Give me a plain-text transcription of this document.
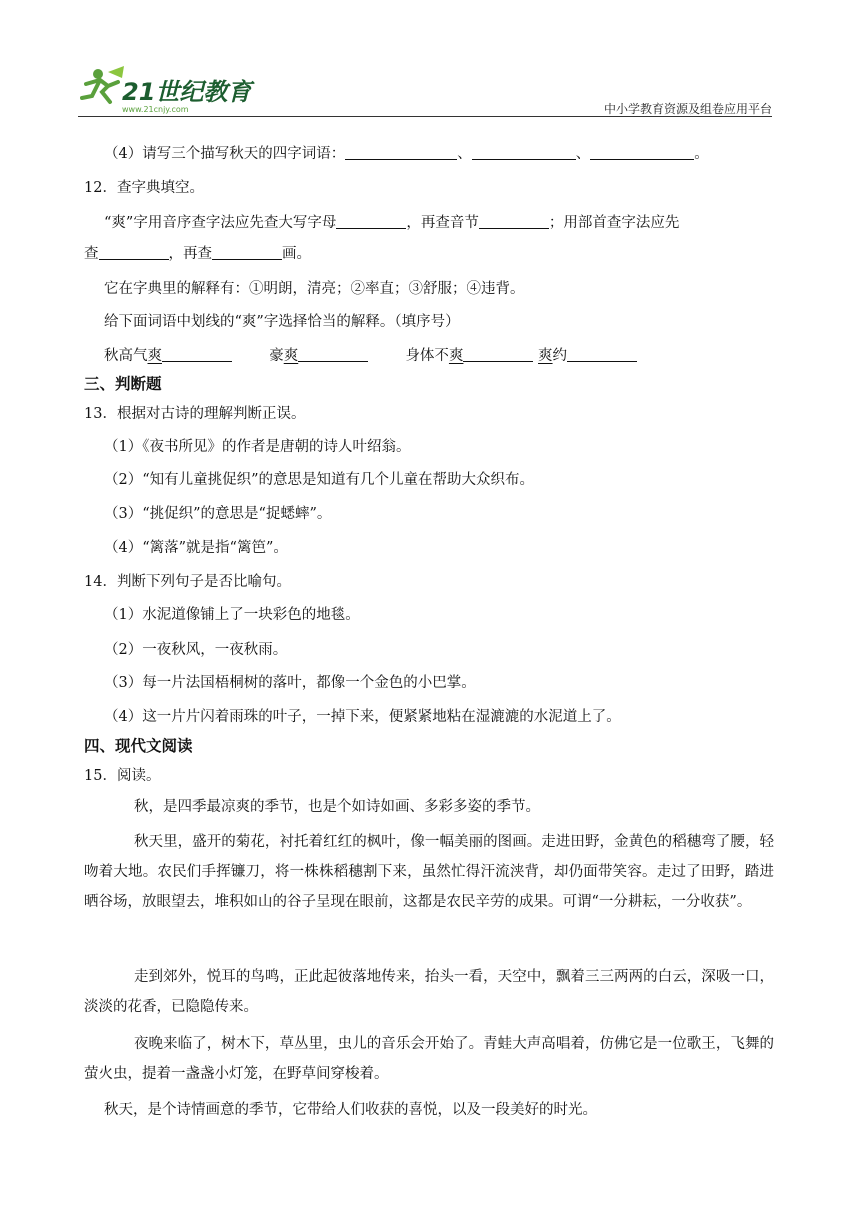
21世纪教育
www.21cnjy.com	中小学教育资源及组卷应用平台
（4）请写三个描写秋天的四字词语：	、	、	。
12．查字典填空。
“爽”字用音序查字法应先查大写字母	，再查音节	；用部首查字法应先
查	，再查	画。
它在字典里的解释有：①明朗，清亮；②率直；③舒服；④违背。
给下面词语中划线的“爽”字选择恰当的解释。（填序号）
秋高气爽	豪爽	身体不爽	爽约
三、判断题
13．根据对古诗的理解判断正误。
（1）《夜书所见》的作者是唐朝的诗人叶绍翁。
（2）“知有儿童挑促织”的意思是知道有几个儿童在帮助大众织布。
（3）“挑促织”的意思是“捉蟋蟀”。
（4）“篱落”就是指“篱笆”。
14．判断下列句子是否比喻句。
（1）水泥道像铺上了一块彩色的地毯。
（2）一夜秋风，一夜秋雨。
（3）每一片法国梧桐树的落叶，都像一个金色的小巴掌。
（4）这一片片闪着雨珠的叶子，一掉下来，便紧紧地粘在湿漉漉的水泥道上了。
四、现代文阅读
15．阅读。
秋，是四季最凉爽的季节，也是个如诗如画、多彩多姿的季节。
秋天里，盛开的菊花，衬托着红红的枫叶，像一幅美丽的图画。走进田野，金黄色的稻穗弯了腰，轻吻着大地。农民们手挥镰刀，将一株株稻穗割下来，虽然忙得汗流浃背，却仍面带笑容。走过了田野，踏进晒谷场，放眼望去，堆积如山的谷子呈现在眼前，这都是农民辛劳的成果。可谓“一分耕耘，一分收获”。
走到郊外，悦耳的鸟鸣，正此起彼落地传来，抬头一看，天空中，飘着三三两两的白云，深吸一口，淡淡的花香，已隐隐传来。
夜晚来临了，树木下，草丛里，虫儿的音乐会开始了。青蛙大声高唱着，仿佛它是一位歌王，飞舞的萤火虫，提着一盏盏小灯笼，在野草间穿梭着。
秋天，是个诗情画意的季节，它带给人们收获的喜悦，以及一段美好的时光。
